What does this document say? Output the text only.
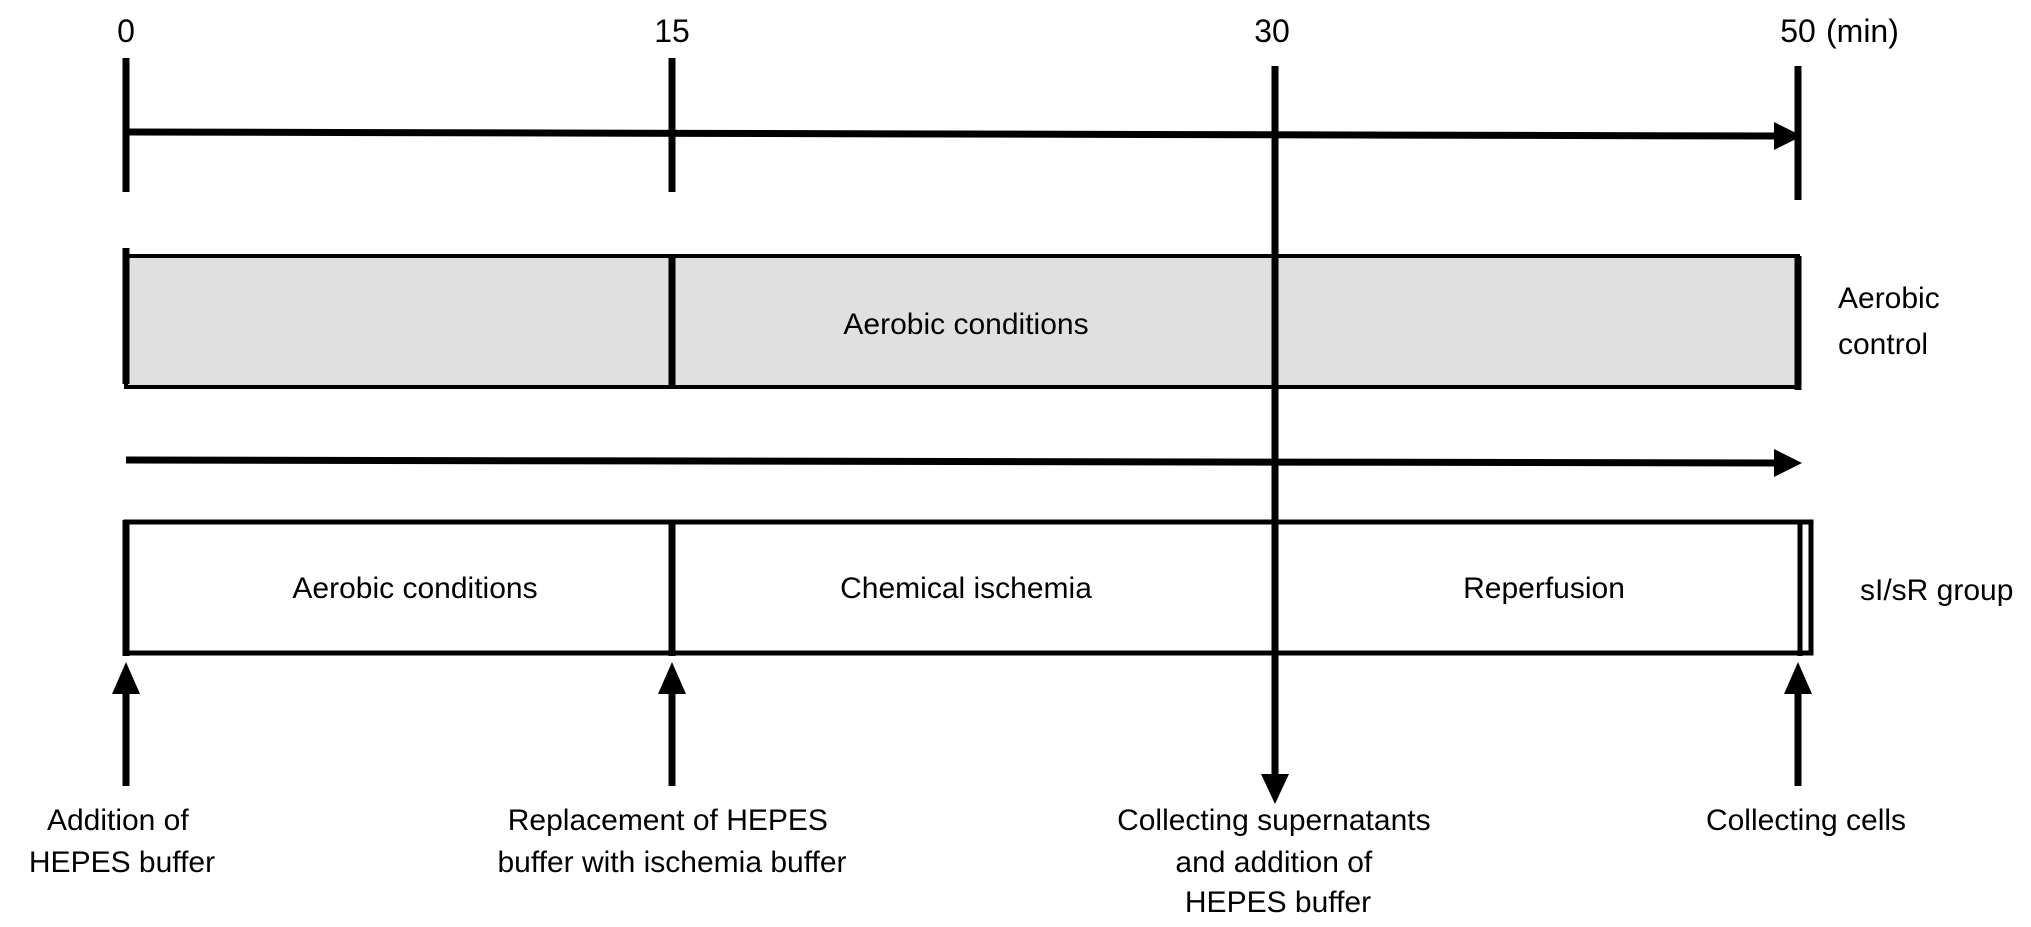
0	15	30	50 (min)
Aerobic conditions
Aerobic
control
Aerobic conditions	Chemical ischemia	Reperfusion	sI/sR group
Addition of HEPES buffer
Replacement of HEPES buffer with ischemia buffer
Collecting supernatants and addition of HEPES buffer
Collecting cells
